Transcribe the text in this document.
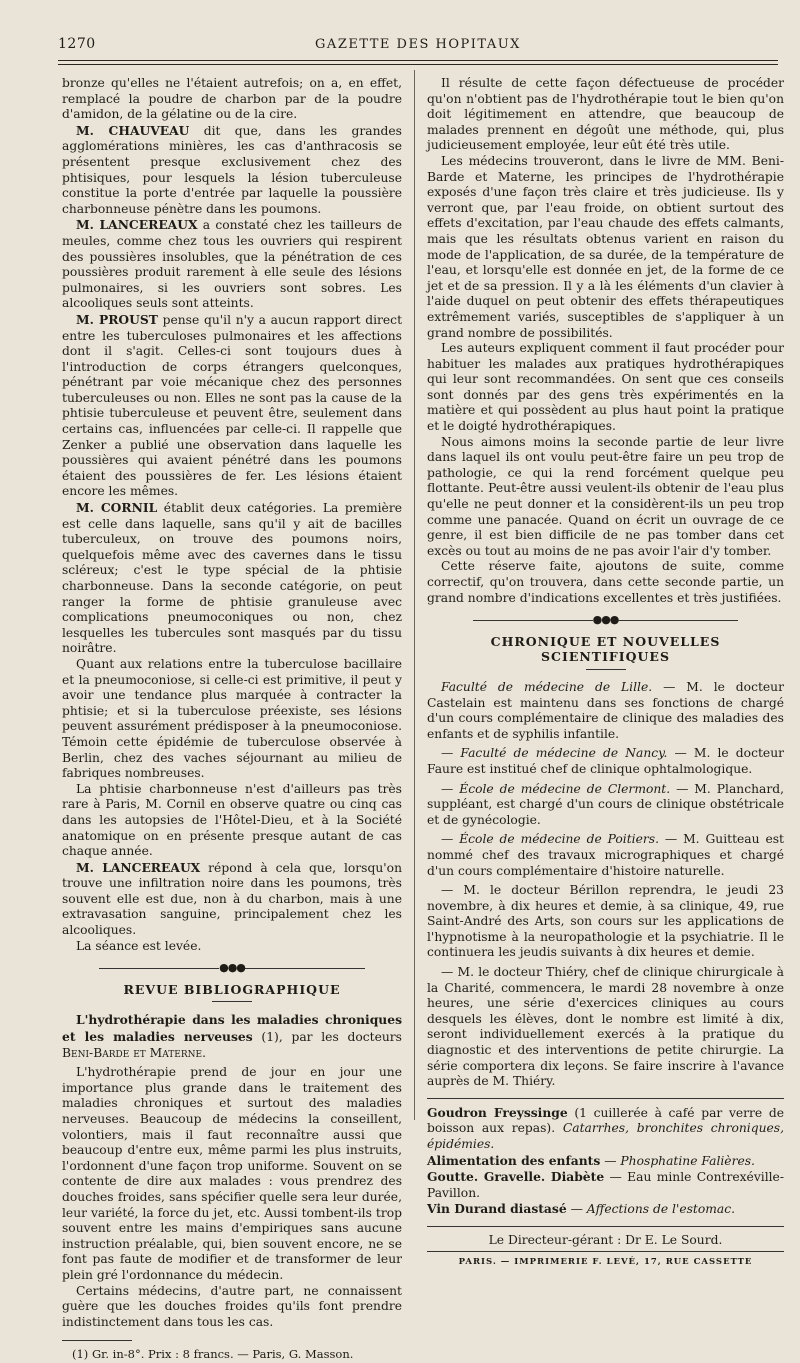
1270	GAZETTE DES HOPITAUX

bronze qu'elles ne l'étaient autrefois; on a, en effet, remplacé la poudre de charbon par de la poudre d'amidon, de la gélatine ou de la cire.

M. CHAUVEAU dit que, dans les grandes agglomérations minières, les cas d'anthracosis se présentent presque exclusivement chez des phtisiques, pour lesquels la lésion tuberculeuse constitue la porte d'entrée par laquelle la poussière charbonneuse pénètre dans les poumons.

M. LANCEREAUX a constaté chez les tailleurs de meules, comme chez tous les ouvriers qui respirent des poussières insolubles, que la pénétration de ces poussières produit rarement à elle seule des lésions pulmonaires, si les ouvriers sont sobres. Les alcooliques seuls sont atteints.

M. PROUST pense qu'il n'y a aucun rapport direct entre les tuberculoses pulmonaires et les affections dont il s'agit. Celles-ci sont toujours dues à l'introduction de corps étrangers quelconques, pénétrant par voie mécanique chez des personnes tuberculeuses ou non. Elles ne sont pas la cause de la phtisie tuberculeuse et peuvent être, seulement dans certains cas, influencées par celle-ci. Il rappelle que Zenker a publié une observation dans laquelle les poussières qui avaient pénétré dans les poumons étaient des poussières de fer. Les lésions étaient encore les mêmes.

M. CORNIL établit deux catégories. La première est celle dans laquelle, sans qu'il y ait de bacilles tuberculeux, on trouve des poumons noirs, quelquefois même avec des cavernes dans le tissu scléreux; c'est le type spécial de la phtisie charbonneuse. Dans la seconde catégorie, on peut ranger la forme de phtisie granuleuse avec complications pneumoconiques ou non, chez lesquelles les tubercules sont masqués par du tissu noirâtre.

Quant aux relations entre la tuberculose bacillaire et la pneumoconiose, si celle-ci est primitive, il peut y avoir une tendance plus marquée à contracter la phtisie; et si la tuberculose préexiste, ses lésions peuvent assurément prédisposer à la pneumoconiose. Témoin cette épidémie de tuberculose observée à Berlin, chez des vaches séjournant au milieu de fabriques nombreuses.

La phtisie charbonneuse n'est d'ailleurs pas très rare à Paris, M. Cornil en observe quatre ou cinq cas dans les autopsies de l'Hôtel-Dieu, et à la Société anatomique on en présente presque autant de cas chaque année.

M. LANCEREAUX répond à cela que, lorsqu'on trouve une infiltration noire dans les poumons, très souvent elle est due, non à du charbon, mais à une extravasation sanguine, principalement chez les alcooliques.

La séance est levée.

●●●
REVUE BIBLIOGRAPHIQUE

L'hydrothérapie dans les maladies chroniques et les maladies nerveuses (1), par les docteurs Beni-Barde et Materne.

L'hydrothérapie prend de jour en jour une importance plus grande dans le traitement des maladies chroniques et surtout des maladies nerveuses. Beaucoup de médecins la conseillent, volontiers, mais il faut reconnaître aussi que beaucoup d'entre eux, même parmi les plus instruits, l'ordonnent d'une façon trop uniforme. Souvent on se contente de dire aux malades : vous prendrez des douches froides, sans spécifier quelle sera leur durée, leur variété, la force du jet, etc. Aussi tombent-ils trop souvent entre les mains d'empiriques sans aucune instruction préalable, qui, bien souvent encore, ne se font pas faute de modifier et de transformer de leur plein gré l'ordonnance du médecin.

Certains médecins, d'autre part, ne connaissent guère que les douches froides qu'ils font prendre indistinctement dans tous les cas.

(1) Gr. in-8°. Prix : 8 francs. — Paris, G. Masson.

Il résulte de cette façon défectueuse de procéder qu'on n'obtient pas de l'hydrothérapie tout le bien qu'on doit légitimement en attendre, que beaucoup de malades prennent en dégoût une méthode, qui, plus judicieusement employée, leur eût été très utile.

Les médecins trouveront, dans le livre de MM. Beni-Barde et Materne, les principes de l'hydrothérapie exposés d'une façon très claire et très judicieuse. Ils y verront que, par l'eau froide, on obtient surtout des effets d'excitation, par l'eau chaude des effets calmants, mais que les résultats obtenus varient en raison du mode de l'application, de sa durée, de la température de l'eau, et lorsqu'elle est donnée en jet, de la forme de ce jet et de sa pression. Il y a là les éléments d'un clavier à l'aide duquel on peut obtenir des effets thérapeutiques extrêmement variés, susceptibles de s'appliquer à un grand nombre de possibilités.

Les auteurs expliquent comment il faut procéder pour habituer les malades aux pratiques hydrothérapiques qui leur sont recommandées. On sent que ces conseils sont donnés par des gens très expérimentés en la matière et qui possèdent au plus haut point la pratique et le doigté hydrothérapiques.

Nous aimons moins la seconde partie de leur livre dans laquel ils ont voulu peut-être faire un peu trop de pathologie, ce qui la rend forcément quelque peu flottante. Peut-être aussi veulent-ils obtenir de l'eau plus qu'elle ne peut donner et la considèrent-ils un peu trop comme une panacée. Quand on écrit un ouvrage de ce genre, il est bien difficile de ne pas tomber dans cet excès ou tout au moins de ne pas avoir l'air d'y tomber.

Cette réserve faite, ajoutons de suite, comme correctif, qu'on trouvera, dans cette seconde partie, un grand nombre d'indications excellentes et très justifiées.

●●●
CHRONIQUE ET NOUVELLES SCIENTIFIQUES

Faculté de médecine de Lille. — M. le docteur Castelain est maintenu dans ses fonctions de chargé d'un cours complémentaire de clinique des maladies des enfants et de syphilis infantile.

— Faculté de médecine de Nancy. — M. le docteur Faure est institué chef de clinique ophtalmologique.

— École de médecine de Clermont. — M. Planchard, suppléant, est chargé d'un cours de clinique obstétricale et de gynécologie.

— École de médecine de Poitiers. — M. Guitteau est nommé chef des travaux micrographiques et chargé d'un cours complémentaire d'histoire naturelle.

— M. le docteur Bérillon reprendra, le jeudi 23 novembre, à dix heures et demie, à sa clinique, 49, rue Saint-André des Arts, son cours sur les applications de l'hypnotisme à la neuropathologie et la psychiatrie. Il le continuera les jeudis suivants à dix heures et demie.

— M. le docteur Thiéry, chef de clinique chirurgicale à la Charité, commencera, le mardi 28 novembre à onze heures, une série d'exercices cliniques au cours desquels les élèves, dont le nombre est limité à dix, seront individuellement exercés à la pratique du diagnostic et des interventions de petite chirurgie. La série comportera dix leçons. Se faire inscrire à l'avance auprès de M. Thiéry.

Goudron Freyssinge (1 cuillerée à café par verre de boisson aux repas). Catarrhes, bronchites chroniques, épidémies.

Alimentation des enfants — Phosphatine Falières.

Goutte. Gravelle. Diabète — Eau minle Contrexéville-Pavillon.

Vin Durand diastasé — Affections de l'estomac.

Le Directeur-gérant : Dr E. Le Sourd.

PARIS. — IMPRIMERIE F. LEVÉ, 17, RUE CASSETTE
